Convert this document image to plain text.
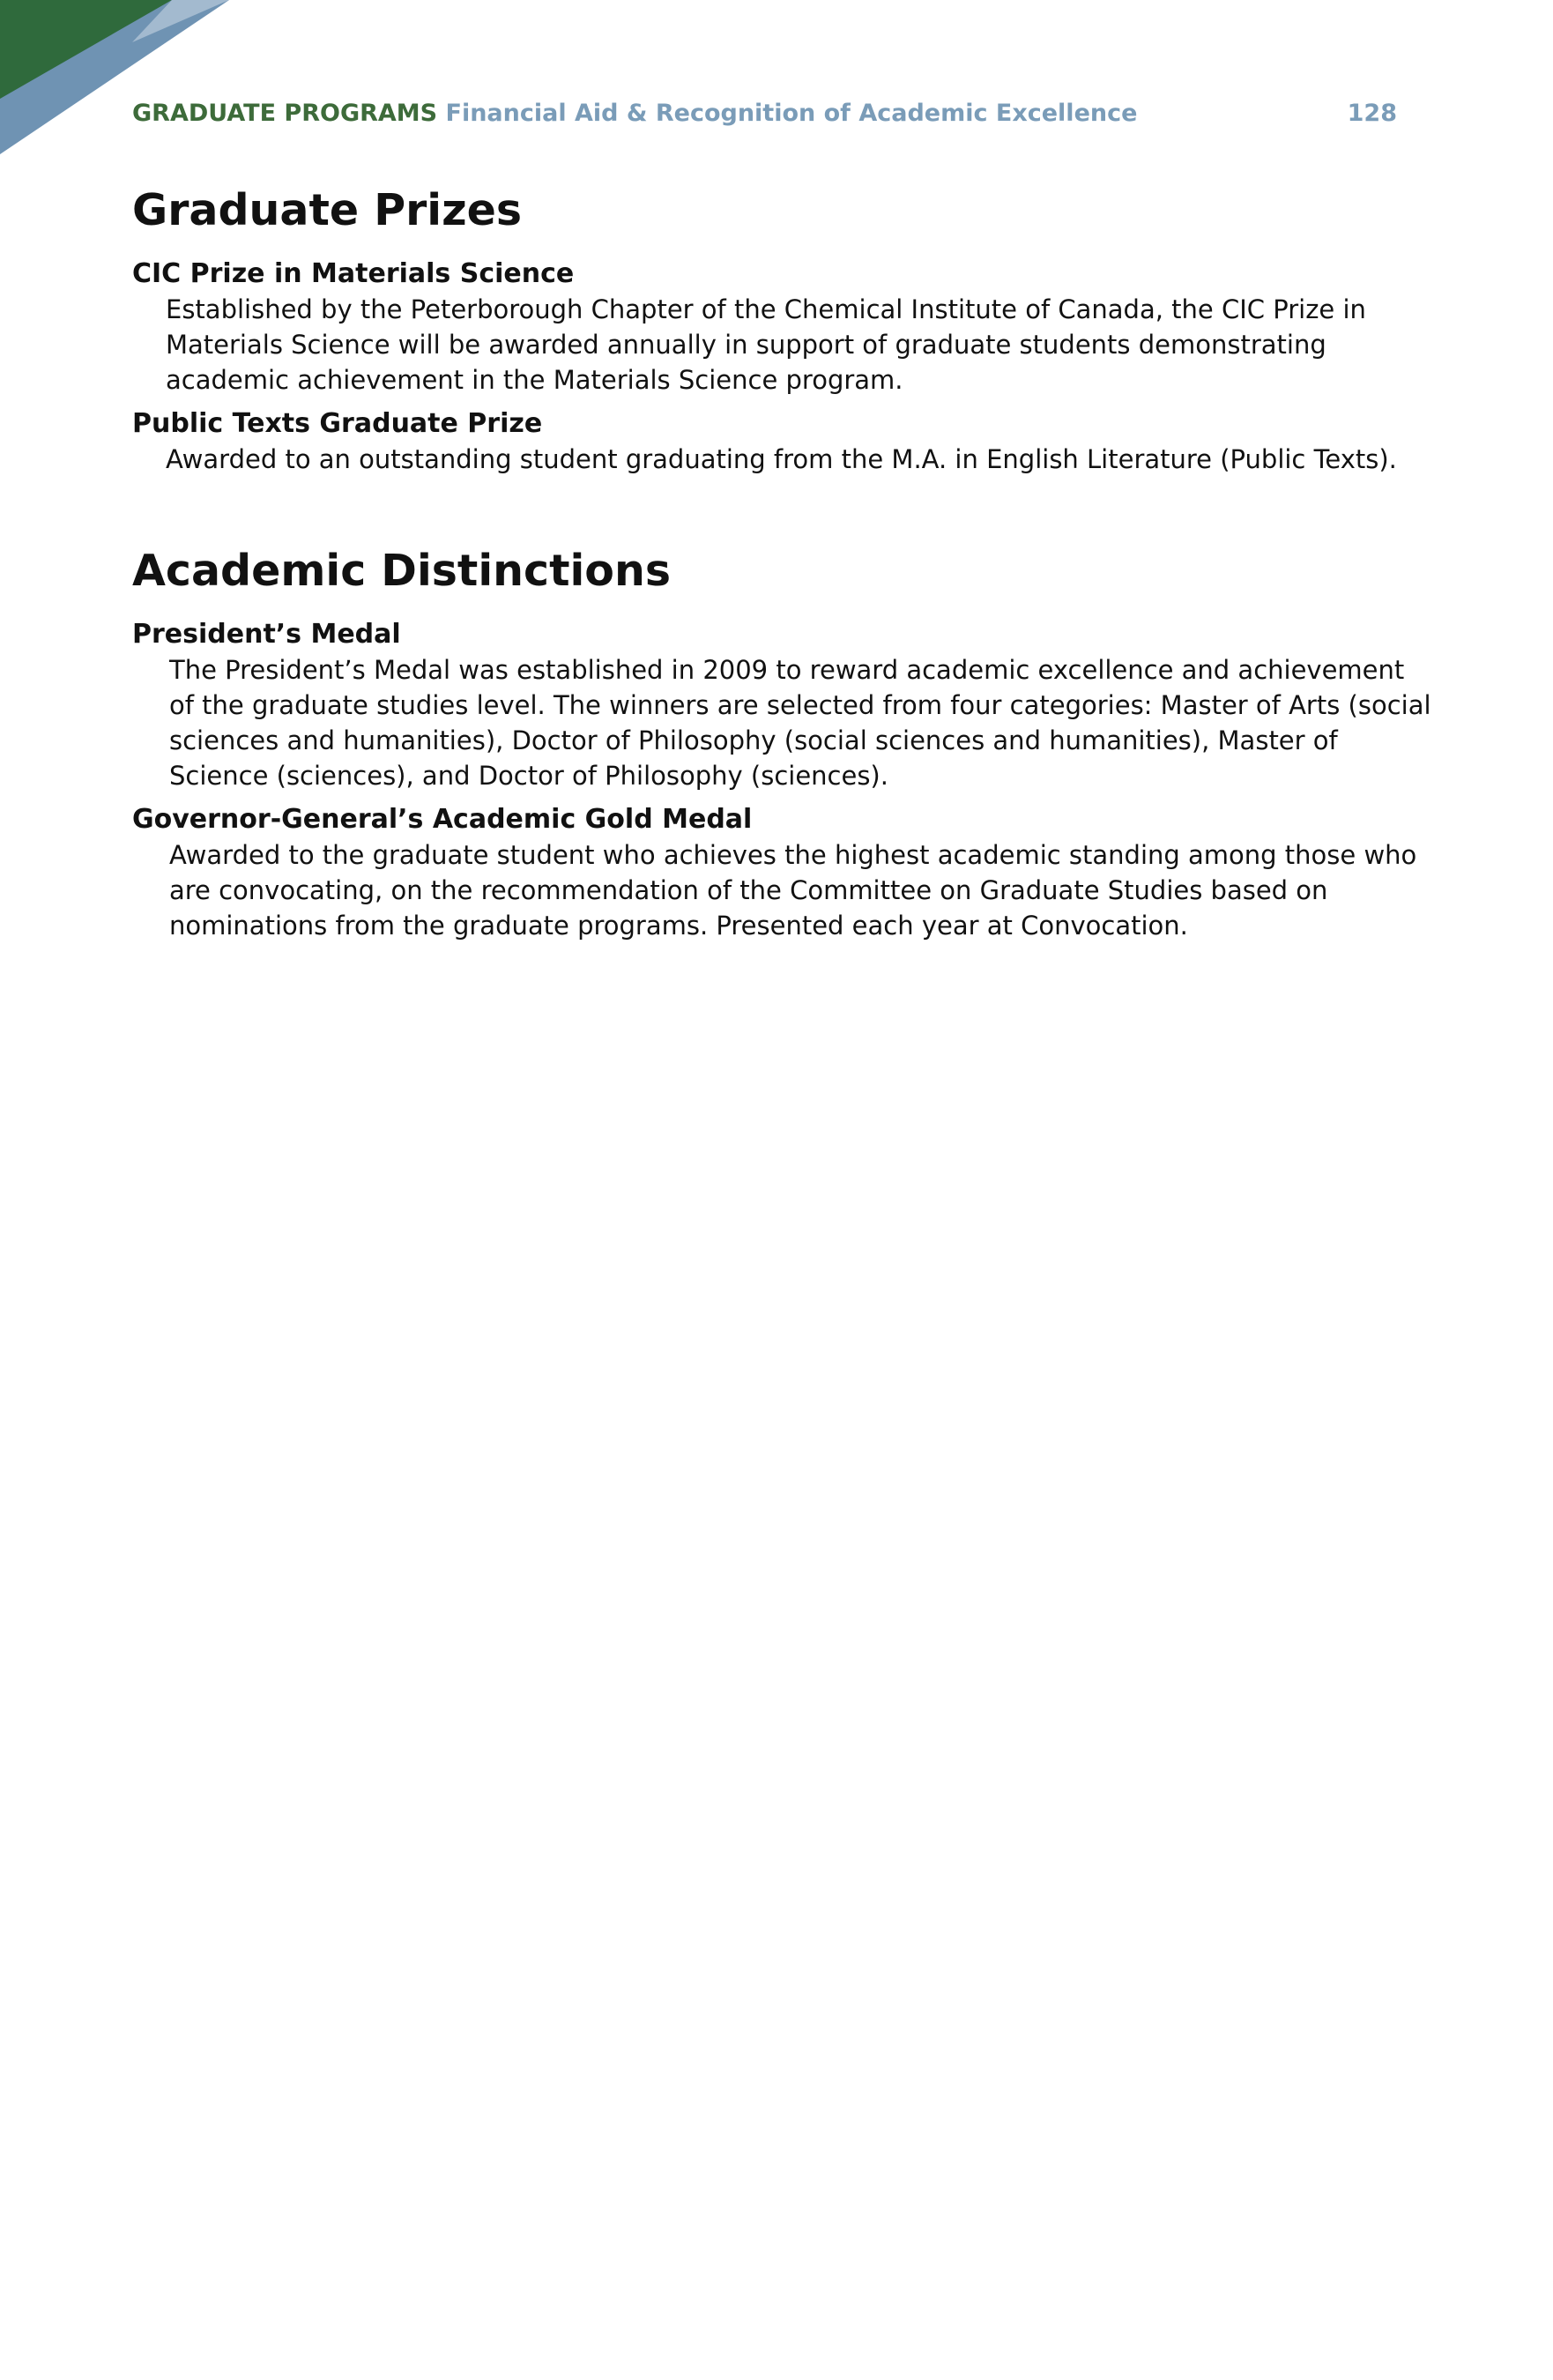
GRADUATE PROGRAMS Financial Aid & Recognition of Academic Excellence	128
Graduate Prizes

CIC Prize in Materials Science

Established by the Peterborough Chapter of the Chemical Institute of Canada, the CIC Prize in Materials Science will be awarded annually in support of graduate students demonstrating academic achievement in the Materials Science program.

Public Texts Graduate Prize

Awarded to an outstanding student graduating from the M.A. in English Literature (Public Texts).

Academic Distinctions

President’s Medal

The President’s Medal was established in 2009 to reward academic excellence and achievement of the graduate studies level. The winners are selected from four categories: Master of Arts (social sciences and humanities), Doctor of Philosophy (social sciences and humanities), Master of Science (sciences), and Doctor of Philosophy (sciences).

Governor-General’s Academic Gold Medal

Awarded to the graduate student who achieves the highest academic standing among those who are convocating, on the recommendation of the Committee on Graduate Studies based on nominations from the graduate programs. Presented each year at Convocation.
